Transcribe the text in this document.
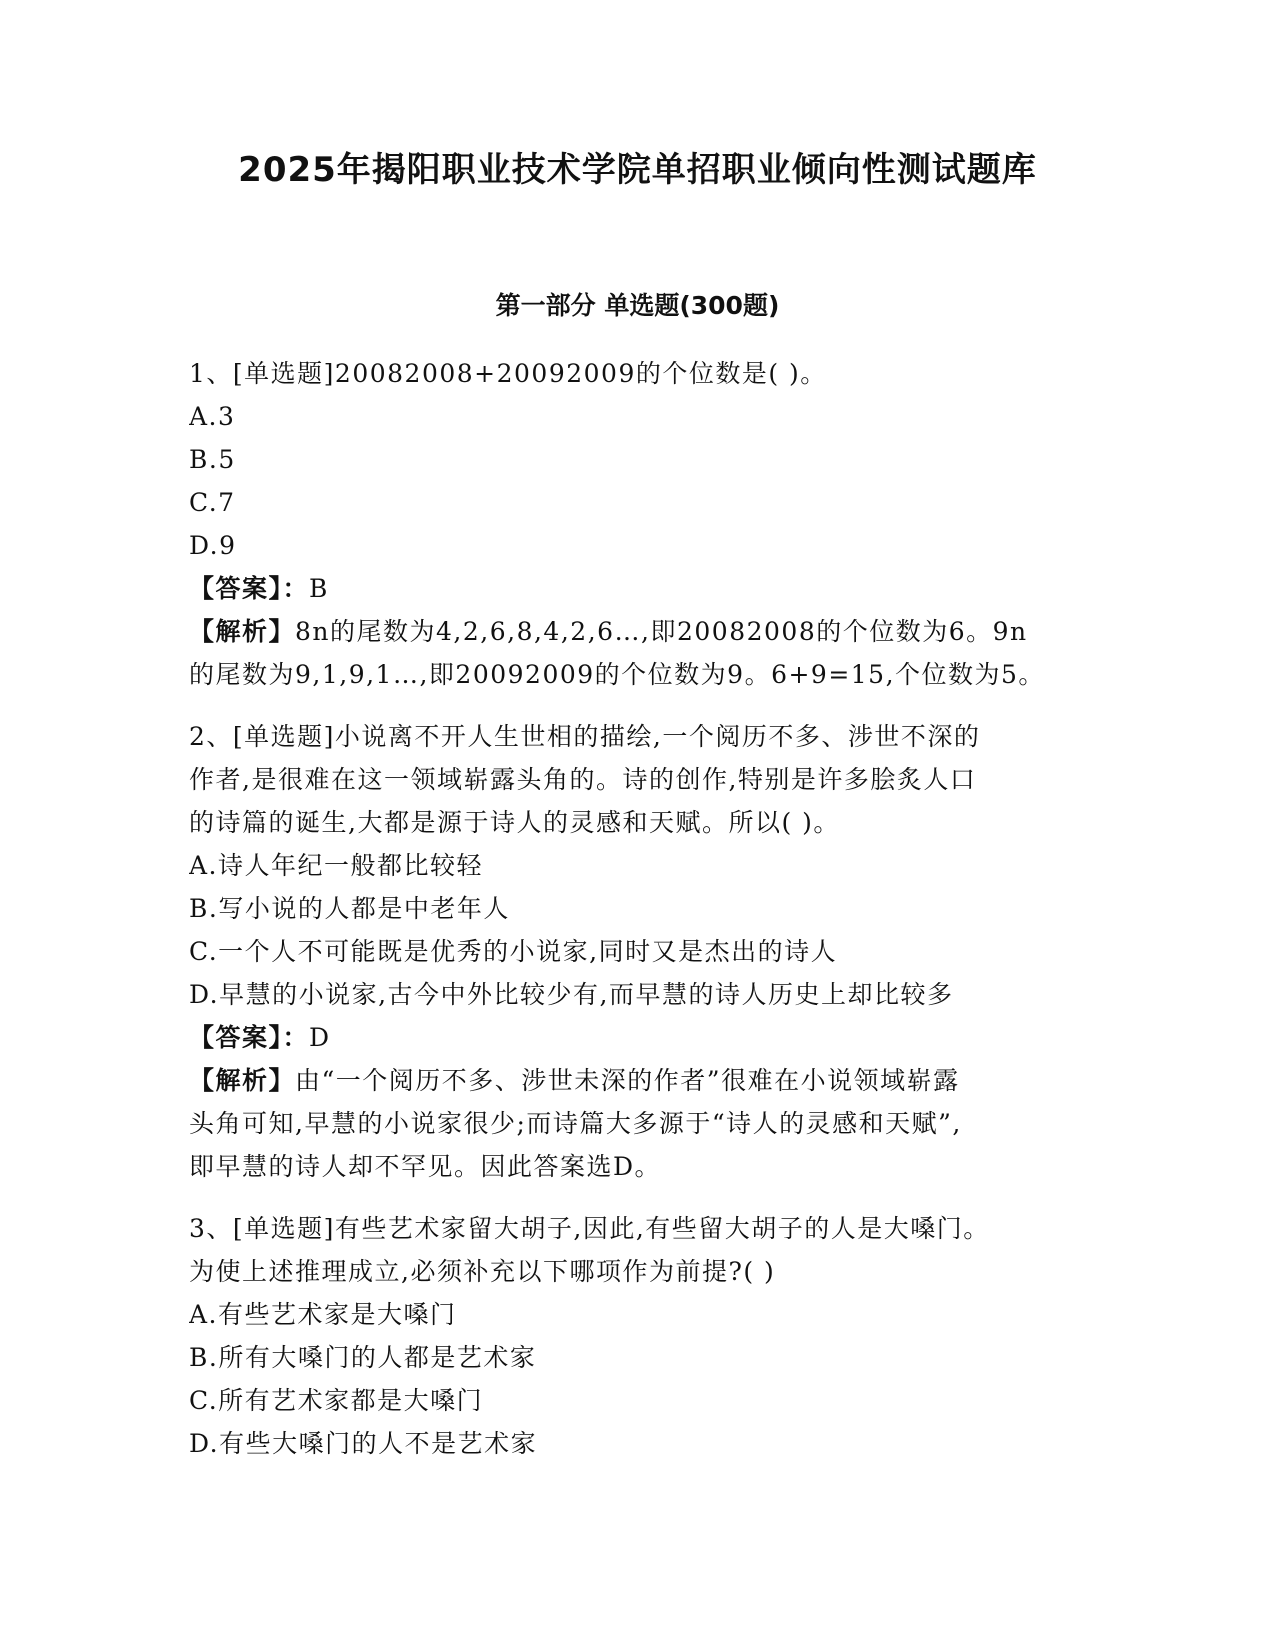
2025年揭阳职业技术学院单招职业倾向性测试题库
第一部分 单选题(300题)
1、[单选题]20082008+20092009的个位数是( )。
A.3
B.5
C.7
D.9
【答案】：B
【解析】8n的尾数为4,2,6,8,4,2,6…,即20082008的个位数为6。9n
的尾数为9,1,9,1…,即20092009的个位数为9。6+9=15,个位数为5。
2、[单选题]小说离不开人生世相的描绘,一个阅历不多、涉世不深的
作者,是很难在这一领域崭露头角的。诗的创作,特别是许多脍炙人口
的诗篇的诞生,大都是源于诗人的灵感和天赋。所以( )。
A.诗人年纪一般都比较轻
B.写小说的人都是中老年人
C.一个人不可能既是优秀的小说家,同时又是杰出的诗人
D.早慧的小说家,古今中外比较少有,而早慧的诗人历史上却比较多
【答案】：D
【解析】由“一个阅历不多、涉世未深的作者”很难在小说领域崭露
头角可知,早慧的小说家很少;而诗篇大多源于“诗人的灵感和天赋”,
即早慧的诗人却不罕见。因此答案选D。
3、[单选题]有些艺术家留大胡子,因此,有些留大胡子的人是大嗓门。
为使上述推理成立,必须补充以下哪项作为前提?( )
A.有些艺术家是大嗓门
B.所有大嗓门的人都是艺术家
C.所有艺术家都是大嗓门
D.有些大嗓门的人不是艺术家
